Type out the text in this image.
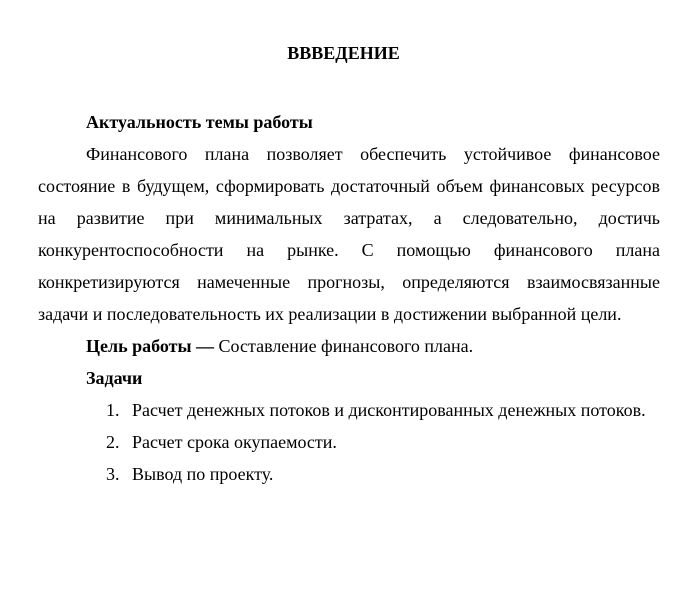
ВВВЕДЕНИЕ

Актуальность темы работы

Финансового плана позволяет обеспечить устойчивое финансовое состояние в будущем, сформировать достаточный объем финансовых ресурсов на развитие при минимальных затратах, а следовательно, достичь конкурентоспособности на рынке. С помощью финансового плана конкретизируются намеченные прогнозы, определяются взаимосвязанные задачи и последовательность их реализации в достижении выбранной цели.

Цель работы — Составление финансового плана.

Задачи

1. Расчет денежных потоков и дисконтированных денежных потоков.
2. Расчет срока окупаемости.
3. Вывод по проекту.
